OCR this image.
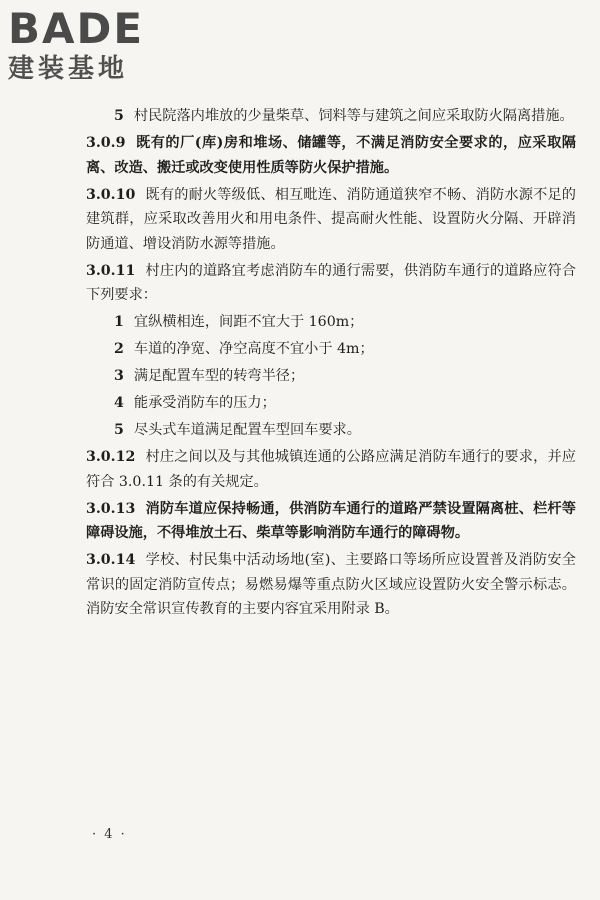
BADE
建装基地

5 村民院落内堆放的少量柴草、饲料等与建筑之间应采取防火隔离措施。

3.0.9 既有的厂(库)房和堆场、储罐等，不满足消防安全要求的，应采取隔离、改造、搬迁或改变使用性质等防火保护措施。

3.0.10 既有的耐火等级低、相互毗连、消防通道狭窄不畅、消防水源不足的建筑群，应采取改善用火和用电条件、提高耐火性能、设置防火分隔、开辟消防通道、增设消防水源等措施。

3.0.11 村庄内的道路宜考虑消防车的通行需要，供消防车通行的道路应符合下列要求：

1 宜纵横相连，间距不宜大于 160m；

2 车道的净宽、净空高度不宜小于 4m；

3 满足配置车型的转弯半径；

4 能承受消防车的压力；

5 尽头式车道满足配置车型回车要求。

3.0.12 村庄之间以及与其他城镇连通的公路应满足消防车通行的要求，并应符合 3.0.11 条的有关规定。

3.0.13 消防车道应保持畅通，供消防车通行的道路严禁设置隔离桩、栏杆等障碍设施，不得堆放土石、柴草等影响消防车通行的障碍物。

3.0.14 学校、村民集中活动场地(室)、主要路口等场所应设置普及消防安全常识的固定消防宣传点；易燃易爆等重点防火区域应设置防火安全警示标志。消防安全常识宣传教育的主要内容宜采用附录 B。

· 4 ·
